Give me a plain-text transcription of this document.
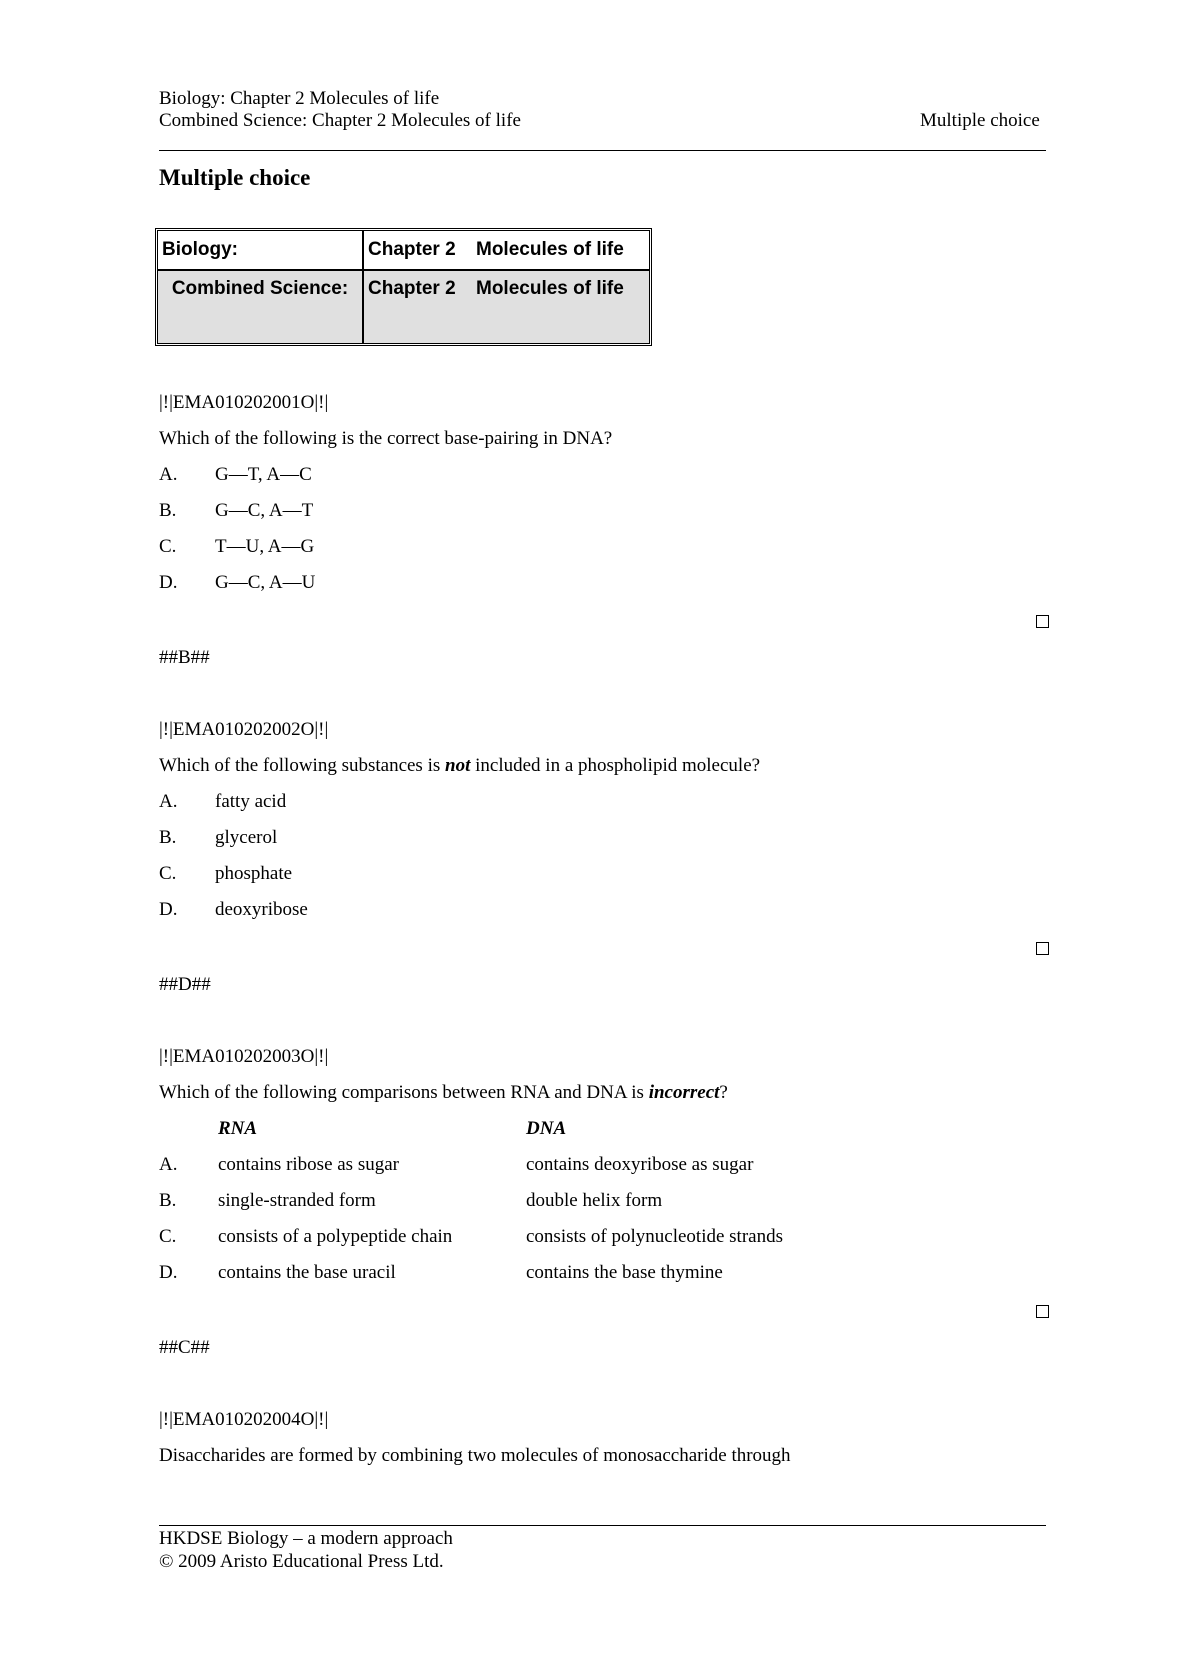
Biology: Chapter 2 Molecules of life
Combined Science: Chapter 2 Molecules of life	Multiple choice
Multiple choice
Biology:	Chapter 2	Molecules of life
Combined Science:	Chapter 2	Molecules of life
|!|EMA010202001O|!|
Which of the following is the correct base-pairing in DNA?
A. G—T, A—C
B. G—C, A—T
C. T—U, A—G
D. G—C, A—U
##B##
|!|EMA010202002O|!|
Which of the following substances is not included in a phospholipid molecule?
A. fatty acid
B. glycerol
C. phosphate
D. deoxyribose
##D##
|!|EMA010202003O|!|
Which of the following comparisons between RNA and DNA is incorrect?
RNA	DNA
A. contains ribose as sugar	contains deoxyribose as sugar
B. single-stranded form	double helix form
C. consists of a polypeptide chain	consists of polynucleotide strands
D. contains the base uracil	contains the base thymine
##C##
|!|EMA010202004O|!|
Disaccharides are formed by combining two molecules of monosaccharide through
HKDSE Biology – a modern approach
© 2009 Aristo Educational Press Ltd.
